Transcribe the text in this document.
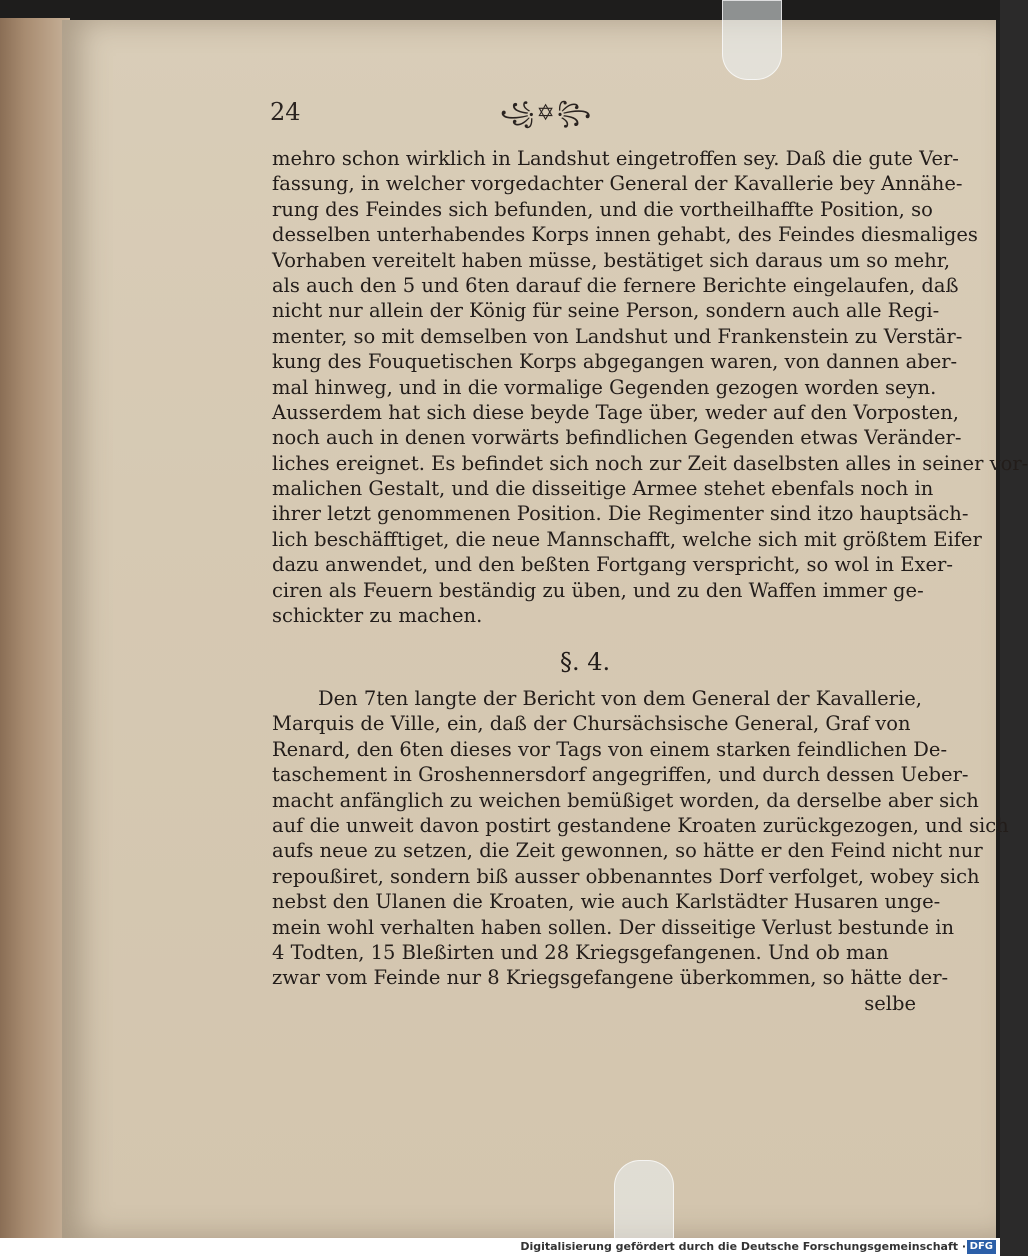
24	꧁✡꧂
mehro schon wirklich in Landshut eingetroffen sey. Daß die gute Ver-
fassung, in welcher vorgedachter General der Kavallerie bey Annähe-
rung des Feindes sich befunden, und die vortheilhaffte Position, so
desselben unterhabendes Korps innen gehabt, des Feindes diesmaliges
Vorhaben vereitelt haben müsse, bestätiget sich daraus um so mehr,
als auch den 5 und 6ten darauf die fernere Berichte eingelaufen, daß
nicht nur allein der König für seine Person, sondern auch alle Regi-
menter, so mit demselben von Landshut und Frankenstein zu Verstär-
kung des Fouquetischen Korps abgegangen waren, von dannen aber-
mal hinweg, und in die vormalige Gegenden gezogen worden seyn.
Ausserdem hat sich diese beyde Tage über, weder auf den Vorposten,
noch auch in denen vorwärts befindlichen Gegenden etwas Veränder-
liches ereignet. Es befindet sich noch zur Zeit daselbsten alles in seiner vor-
malichen Gestalt, und die disseitige Armee stehet ebenfals noch in
ihrer letzt genommenen Position. Die Regimenter sind itzo hauptsäch-
lich beschäfftiget, die neue Mannschafft, welche sich mit größtem Eifer
dazu anwendet, und den beßten Fortgang verspricht, so wol in Exer-
ciren als Feuern beständig zu üben, und zu den Waffen immer ge-
schickter zu machen.
§. 4.
Den 7ten langte der Bericht von dem General der Kavallerie,
Marquis de Ville, ein, daß der Chursächsische General, Graf von
Renard, den 6ten dieses vor Tags von einem starken feindlichen De-
taschement in Groshennersdorf angegriffen, und durch dessen Ueber-
macht anfänglich zu weichen bemüßiget worden, da derselbe aber sich
auf die unweit davon postirt gestandene Kroaten zurückgezogen, und sich
aufs neue zu setzen, die Zeit gewonnen, so hätte er den Feind nicht nur
repoußiret, sondern biß ausser obbenanntes Dorf verfolget, wobey sich
nebst den Ulanen die Kroaten, wie auch Karlstädter Husaren unge-
mein wohl verhalten haben sollen. Der disseitige Verlust bestunde in
4 Todten, 15 Bleßirten und 28 Kriegsgefangenen. Und ob man
zwar vom Feinde nur 8 Kriegsgefangene überkommen, so hätte der-
selbe
Digitalisierung gefördert durch die Deutsche Forschungsgemeinschaft · DFG
